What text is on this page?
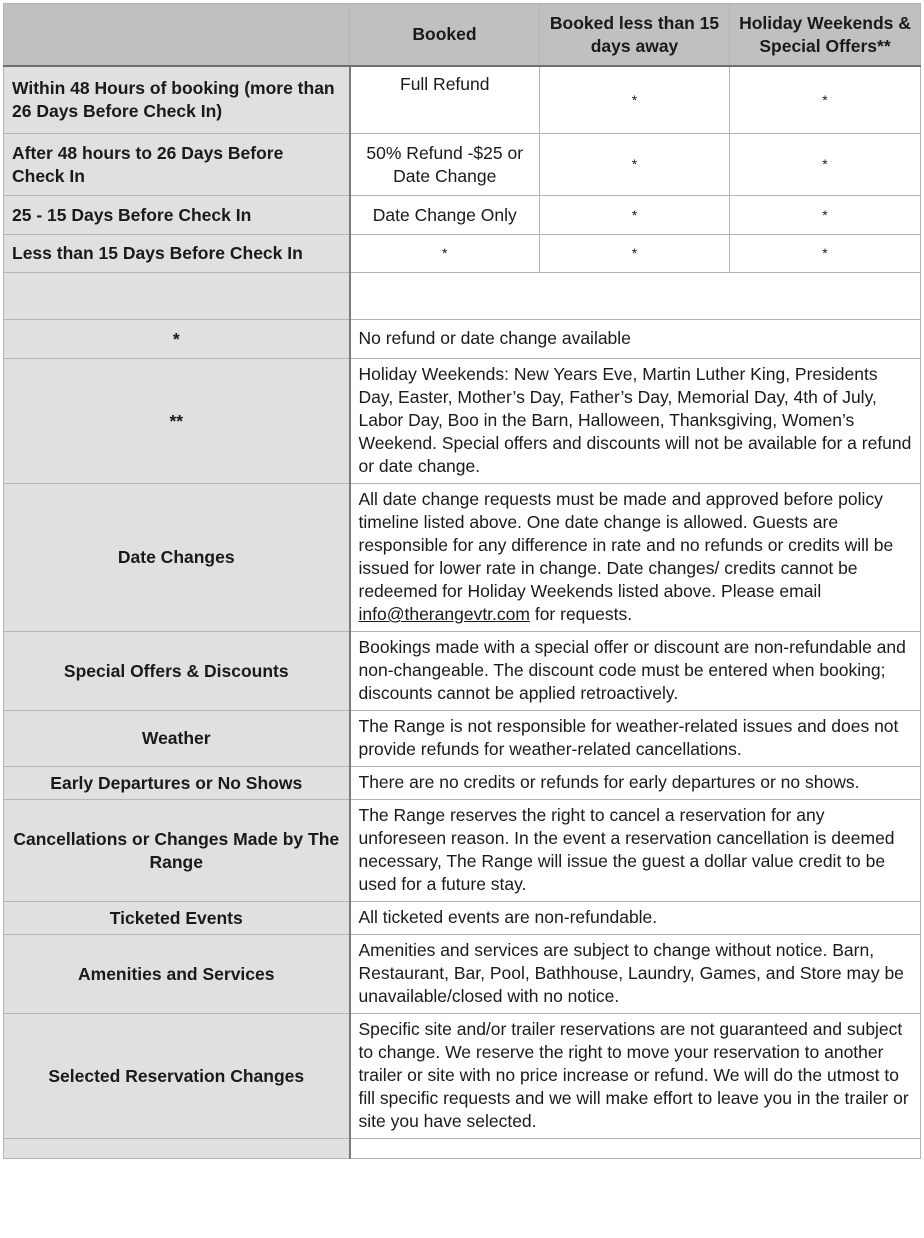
	Booked	Booked less than 15 days away	Holiday Weekends & Special Offers**
Within 48 Hours of booking (more than 26 Days Before Check In)	Full Refund	*	*
After 48 hours to 26 Days Before Check In	50% Refund -$25 or Date Change	*	*
25 - 15 Days Before Check In	Date Change Only	*	*
Less than 15 Days Before Check In	*	*	*

*	No refund or date change available		
**	Holiday Weekends: New Years Eve, Martin Luther King, Presidents Day, Easter, Mother’s Day, Father’s Day, Memorial Day, 4th of July, Labor Day, Boo in the Barn, Halloween, Thanksgiving, Women’s Weekend. Special offers and discounts will not be available for a refund or date change.		
Date Changes	All date change requests must be made and approved before policy timeline listed above. One date change is allowed. Guests are responsible for any difference in rate and no refunds or credits will be issued for lower rate in change. Date changes/ credits cannot be redeemed for Holiday Weekends listed above. Please email info@therangevtr.com for requests.		
Special Offers & Discounts	Bookings made with a special offer or discount are non-refundable and non-changeable. The discount code must be entered when booking; discounts cannot be applied retroactively.		
Weather	The Range is not responsible for weather-related issues and does not provide refunds for weather-related cancellations.		
Early Departures or No Shows	There are no credits or refunds for early departures or no shows.		
Cancellations or Changes Made by The Range	The Range reserves the right to cancel a reservation for any unforeseen reason. In the event a reservation cancellation is deemed necessary, The Range will issue the guest a dollar value credit to be used for a future stay.		
Ticketed Events	All ticketed events are non-refundable.		
Amenities and Services	Amenities and services are subject to change without notice. Barn, Restaurant, Bar, Pool, Bathhouse, Laundry, Games, and Store may be unavailable/closed with no notice.		
Selected Reservation Changes	Specific site and/or trailer reservations are not guaranteed and subject to change. We reserve the right to move your reservation to another trailer or site with no price increase or refund. We will do the utmost to fill specific requests and we will make effort to leave you in the trailer or site you have selected.		
